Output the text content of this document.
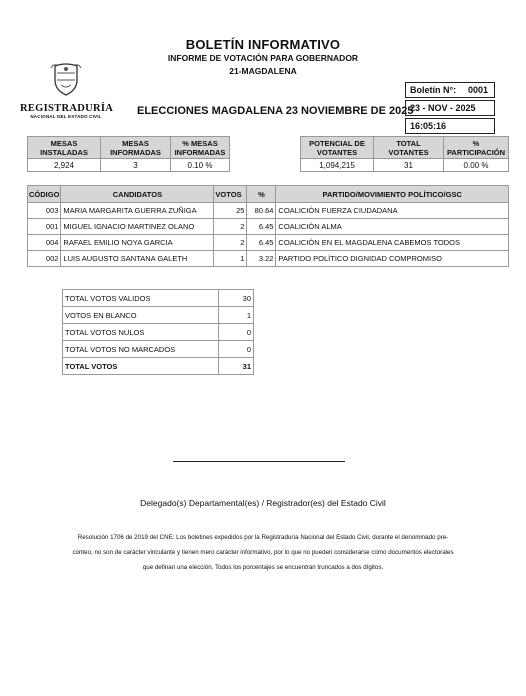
BOLETÍN INFORMATIVO
INFORME DE VOTACIÓN PARA GOBERNADOR
21-MAGDALENA
REGISTRADURÍA
NACIONAL DEL ESTADO CIVIL	ELECCIONES MAGDALENA 23 NOVIEMBRE DE 2025
Boletín N°: 0001
23 - NOV - 2025
16:05:16
MESAS INSTALADAS	MESAS INFORMADAS	% MESAS INFORMADAS
2,924	3	0.10 %
POTENCIAL DE VOTANTES	TOTAL VOTANTES	% PARTICIPACIÓN
1,094,215	31	0.00 %
CÓDIGO	CANDIDATOS	VOTOS	%	PARTIDO/MOVIMIENTO POLÍTICO/GSC
003	MARIA MARGARITA GUERRA ZUÑIGA	25	80.64	COALICIÓN FUERZA CIUDADANA
001	MIGUEL IGNACIO MARTINEZ OLANO	2	6.45	COALICIÓN ALMA
004	RAFAEL EMILIO NOYA GARCIA	2	6.45	COALICIÓN EN EL MAGDALENA CABEMOS TODOS
002	LUIS AUGUSTO SANTANA GALETH	1	3.22	PARTIDO POLÍTICO DIGNIDAD COMPROMISO
TOTAL VOTOS VALIDOS	30
VOTOS EN BLANCO	1
TOTAL VOTOS NULOS	0
TOTAL VOTOS NO MARCADOS	0
TOTAL VOTOS	31
Delegado(s) Departamental(es) / Registrador(es) del Estado Civil
Resolución 1706 de 2019 del CNE: Los boletines expedidos por la Registraduría Nacional del Estado Civil, durante el denominado pre-
conteo, no son de carácter vinculante y tienen mero carácter informativo, por lo que no pueden considerarse como documentos electorales
que definan una elección. Todos los porcentajes se encuentran truncados a dos dígitos.
